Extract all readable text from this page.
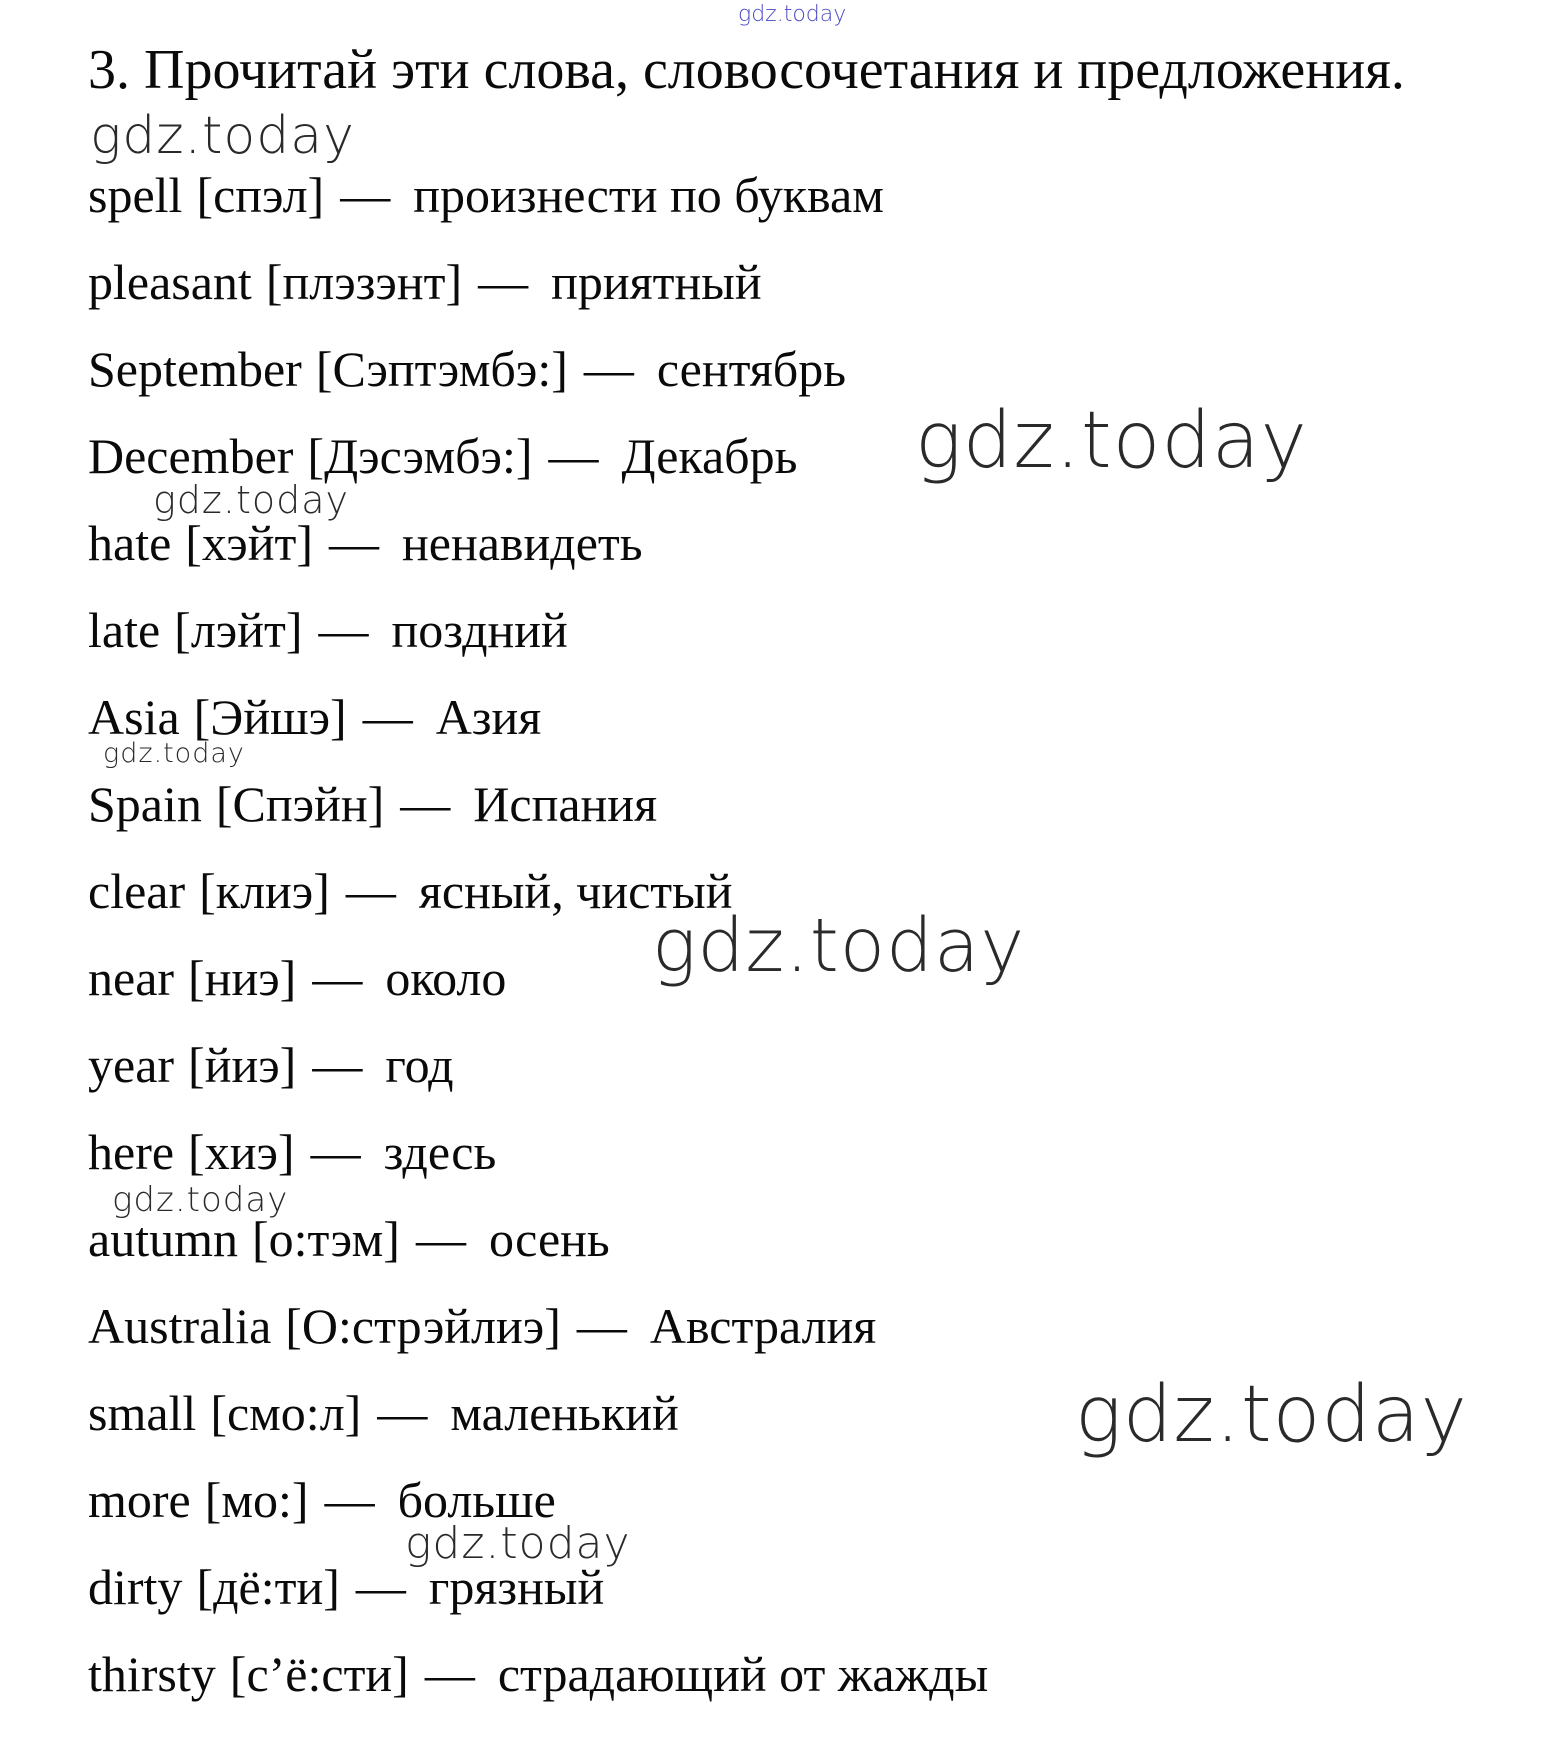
gdz.today
3. Прочитай эти слова, словосочетания и предложения.
gdz.today
gdz.today
gdz.today
gdz.today
gdz.today
gdz.today
gdz.today
gdz.today
spell [спэл] — произнести по буквам
pleasant [плэзэнт] — приятный
September [Сэптэмбэ:] — сентябрь
December [Дэсэмбэ:] — Декабрь
hate [хэйт] — ненавидеть
late [лэйт] — поздний
Asia [Эйшэ] — Азия
Spain [Спэйн] — Испания
clear [клиэ] — ясный, чистый
near [ниэ] — около
year [йиэ] — год
here [хиэ] — здесь
autumn [о:тэм] — осень
Australia [О:стрэйлиэ] — Австралия
small [смо:л] — маленький
more [мо:] — больше
dirty [дё:ти] — грязный
thirsty [с’ё:сти] — страдающий от жажды
